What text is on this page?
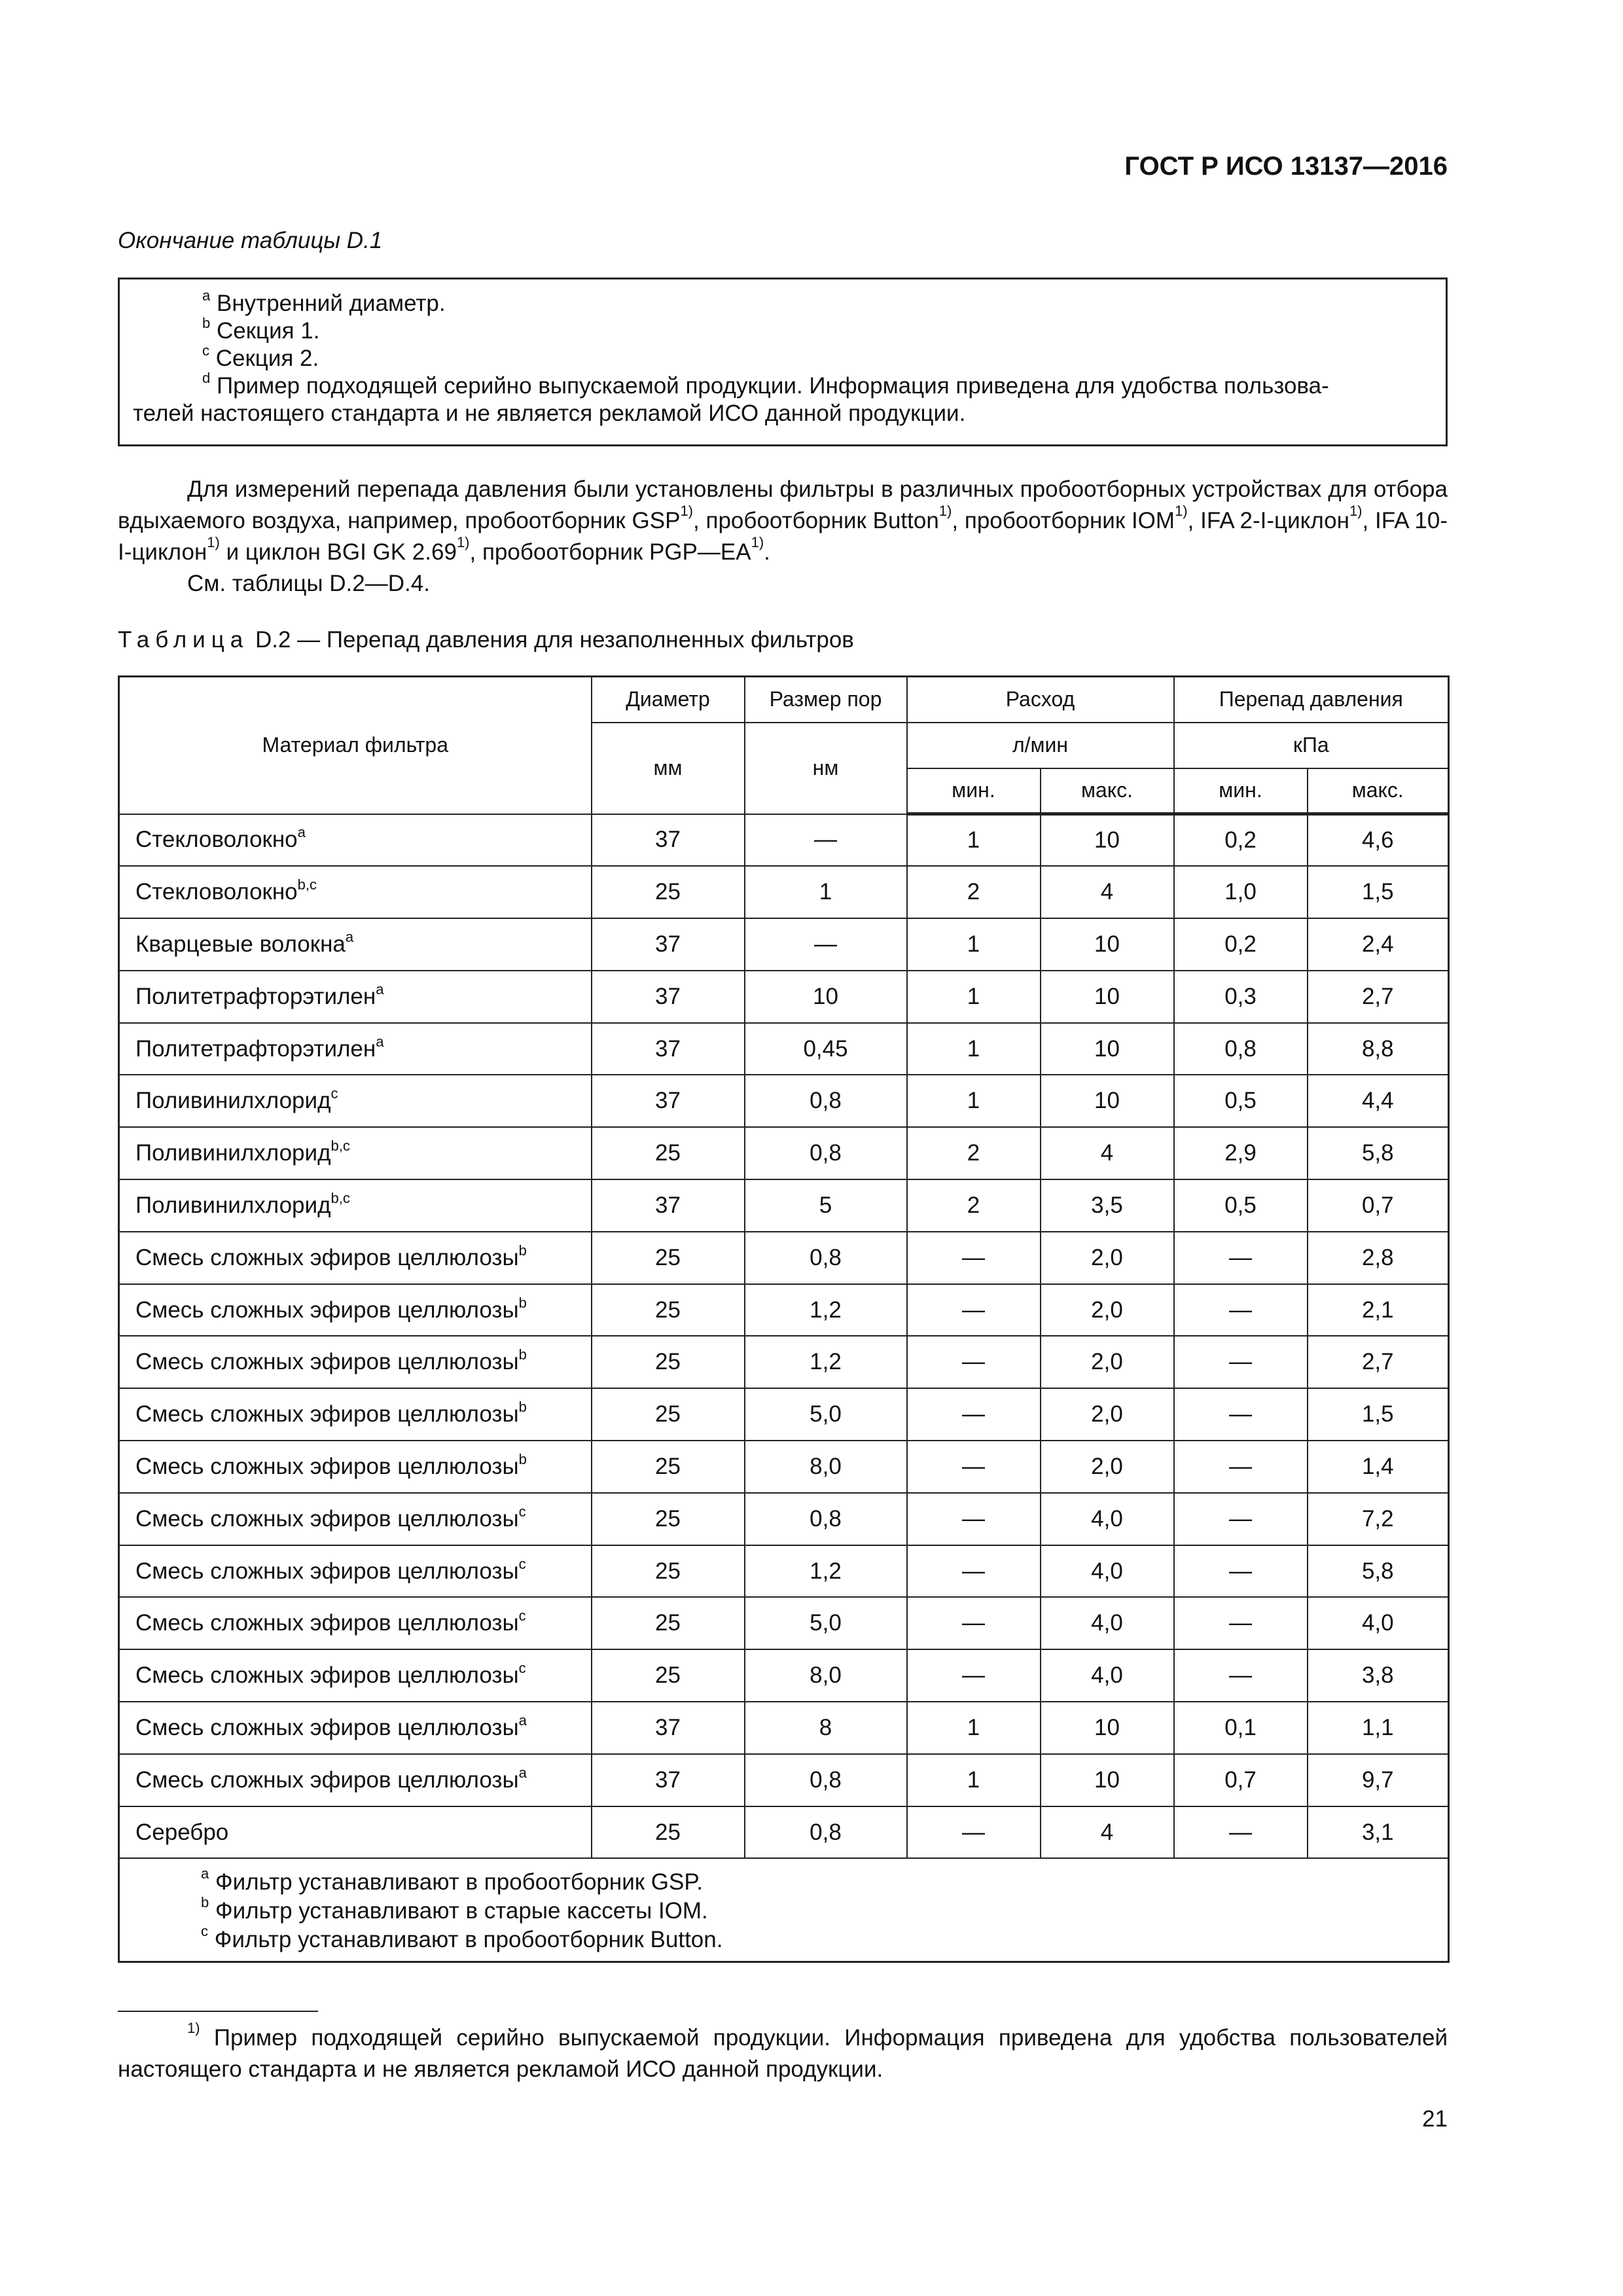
ГОСТ Р ИСО 13137—2016
Окончание таблицы D.1
$^a$ Внутренний диаметр.
$^b$ Секция 1.
$^c$ Секция 2.
$^d$ Пример подходящей серийно выпускаемой продукции. Информация приведена для удобства пользова-
телей настоящего стандарта и не является рекламой ИСО данной продукции.

Для измерений перепада давления были установлены фильтры в различных пробоотборных устройствах для отбора вдыхаемого воздуха, например, пробоотборник GSP$^{1)}$, пробоотборник Button$^{1)}$, пробоотборник IOM$^{1)}$, IFA 2-I-циклон$^{1)}$, IFA 10-I-циклон$^{1)}$ и циклон BGI GK 2.69$^{1)}$, пробоотборник PGP—EA$^{1)}$.

См. таблицы D.2—D.4.

Таблица D.2 — Перепад давления для незаполненных фильтров
Материал фильтра	Диаметр	Размер пор	Расход		Перепад давления	
	мм	нм	л/мин		кПа	
			мин.	макс.	мин.	макс.
Стекловолокно$^a$	37	—	1	10	0,2	4,6
Стекловолокно$^{b,c}$	25	1	2	4	1,0	1,5
Кварцевые волокна$^a$	37	—	1	10	0,2	2,4
Политетрафторэтилен$^a$	37	10	1	10	0,3	2,7
Политетрафторэтилен$^a$	37	0,45	1	10	0,8	8,8
Поливинилхлорид$^c$	37	0,8	1	10	0,5	4,4
Поливинилхлорид$^{b,c}$	25	0,8	2	4	2,9	5,8
Поливинилхлорид$^{b,c}$	37	5	2	3,5	0,5	0,7
Смесь сложных эфиров целлюлозы$^b$	25	0,8	—	2,0	—	2,8
Смесь сложных эфиров целлюлозы$^b$	25	1,2	—	2,0	—	2,1
Смесь сложных эфиров целлюлозы$^b$	25	1,2	—	2,0	—	2,7
Смесь сложных эфиров целлюлозы$^b$	25	5,0	—	2,0	—	1,5
Смесь сложных эфиров целлюлозы$^b$	25	8,0	—	2,0	—	1,4
Смесь сложных эфиров целлюлозы$^c$	25	0,8	—	4,0	—	7,2
Смесь сложных эфиров целлюлозы$^c$	25	1,2	—	4,0	—	5,8
Смесь сложных эфиров целлюлозы$^c$	25	5,0	—	4,0	—	4,0
Смесь сложных эфиров целлюлозы$^c$	25	8,0	—	4,0	—	3,8
Смесь сложных эфиров целлюлозы$^a$	37	8	1	10	0,1	1,1
Смесь сложных эфиров целлюлозы$^a$	37	0,8	1	10	0,7	9,7
Серебро	25	0,8	—	4	—	3,1

$^a$ Фильтр устанавливают в пробоотборник GSP.
$^b$ Фильтр устанавливают в старые кассеты IOM.
$^c$ Фильтр устанавливают в пробоотборник Button.						

$^{1)}$ Пример подходящей серийно выпускаемой продукции. Информация приведена для удобства пользователей настоящего стандарта и не является рекламой ИСО данной продукции.

21
